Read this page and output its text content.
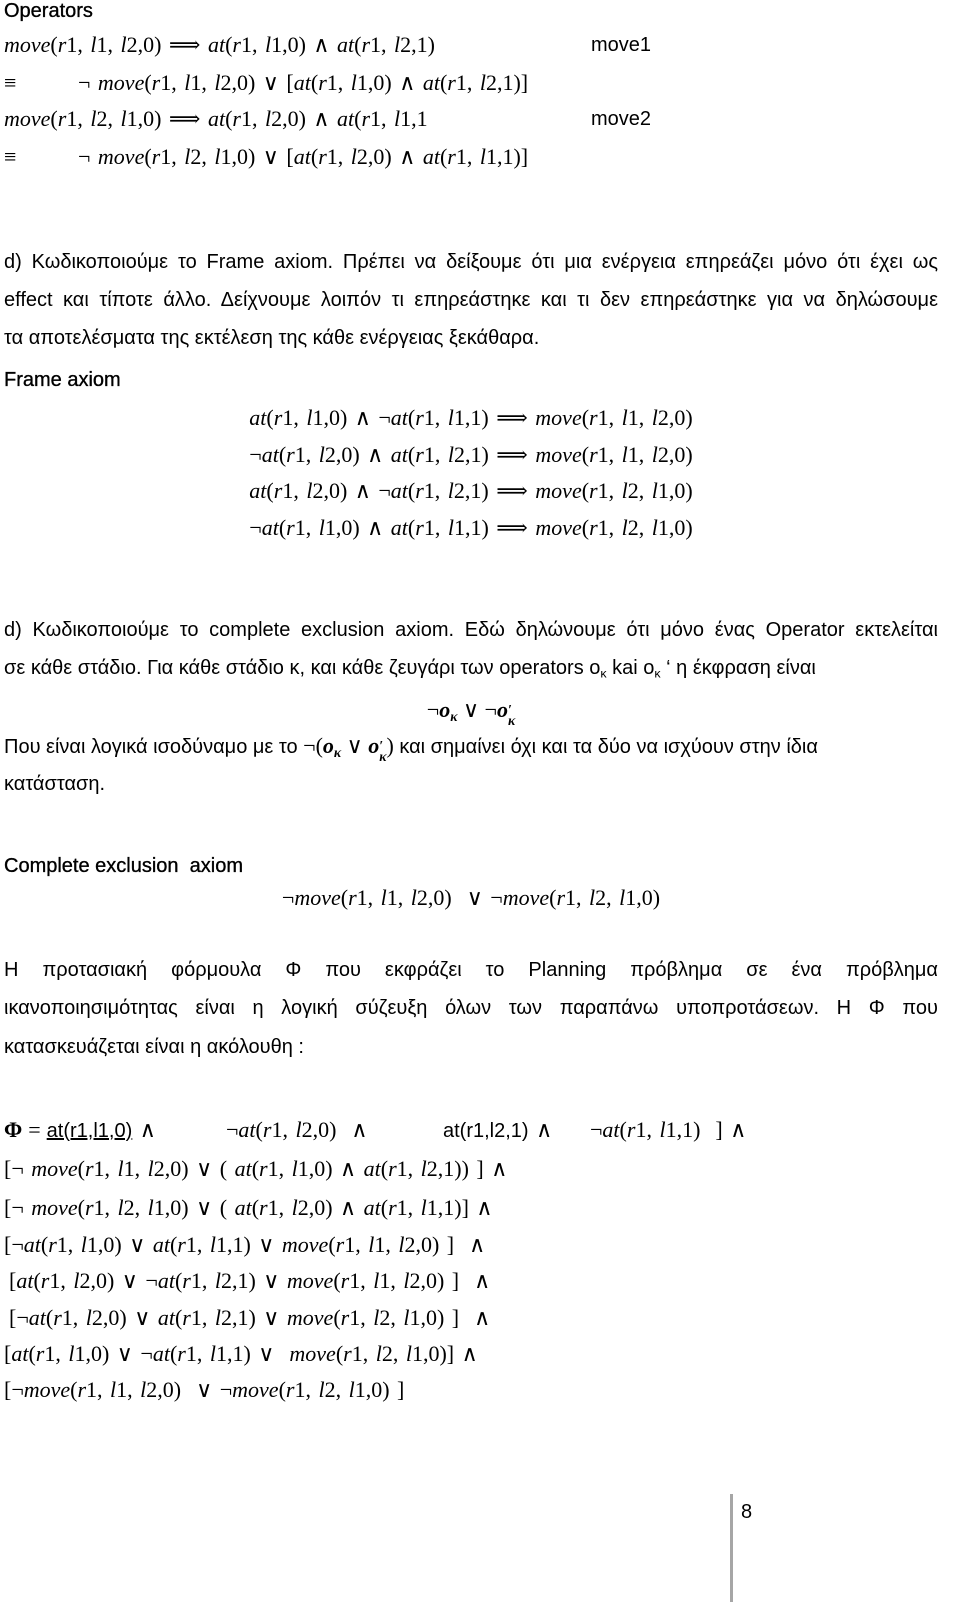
Operators
move(r1, l1, l2,0) ⟹ at(r1, l1,0) ∧ at(r1, l2,1)	move1
≡	¬ move(r1, l1, l2,0) ∨ [at(r1, l1,0) ∧ at(r1, l2,1)]
move(r1, l2, l1,0) ⟹ at(r1, l2,0) ∧ at(r1, l1,1	move2
≡	¬ move(r1, l2, l1,0) ∨ [at(r1, l2,0) ∧ at(r1, l1,1)]
d) Κωδικοποιούμε το Frame axiom. Πρέπει να δείξουμε ότι μια ενέργεια επηρεάζει μόνο ότι έχει ως
effect και τίποτε άλλο. Δείχνουμε λοιπόν τι επηρεάστηκε και τι δεν επηρεάστηκε για να δηλώσουμε
τα αποτελέσματα της εκτέλεση της κάθε ενέργειας ξεκάθαρα.
Frame axiom
at(r1, l1,0) ∧ ¬at(r1, l1,1) ⟹ move(r1, l1, l2,0)
¬at(r1, l2,0) ∧ at(r1, l2,1) ⟹ move(r1, l1, l2,0)
at(r1, l2,0) ∧ ¬at(r1, l2,1) ⟹ move(r1, l2, l1,0)
¬at(r1, l1,0) ∧ at(r1, l1,1) ⟹ move(r1, l2, l1,0)
d) Κωδικοποιούμε το complete exclusion axiom. Εδώ δηλώνουμε ότι μόνο ένας Operator εκτελείται
σε κάθε στάδιο. Για κάθε στάδιο κ, και κάθε ζευγάρι των operators oκ kai oκ ‘ η έκφραση είναι
¬oκ ∨ ¬o ′
κ
Που είναι λογικά ισοδύναμο με το ¬(oκ ∨ o ′
κ ) και σημαίνει όχι και τα δύο να ισχύουν στην ίδια
κατάσταση.
Complete exclusion  axiom
¬move(r1, l1, l2,0)  ∨ ¬move(r1, l2, l1,0)
Η προτασιακή φόρμουλα Φ που εκφράζει το Planning πρόβλημα σε ένα πρόβλημα
ικανοποιησιμότητας είναι η λογική σύζευξη όλων των παραπάνω υποπροτάσεων. Η Φ που
κατασκευάζεται είναι η ακόλουθη :
Φ = at(r1,l1,0) ∧	¬at(r1, l2,0)  ∧	at(r1,l2,1) ∧ ¬at(r1, l1,1)  ] ∧
[¬ move(r1, l1, l2,0) ∨ ( at(r1, l1,0) ∧ at(r1, l2,1)) ] ∧
[¬ move(r1, l2, l1,0) ∨ ( at(r1, l2,0) ∧ at(r1, l1,1)] ∧
[¬at(r1, l1,0) ∨ at(r1, l1,1) ∨ move(r1, l1, l2,0) ]  ∧
[at(r1, l2,0) ∨ ¬at(r1, l2,1) ∨ move(r1, l1, l2,0) ]  ∧
[¬at(r1, l2,0) ∨ at(r1, l2,1) ∨ move(r1, l2, l1,0) ]  ∧
[at(r1, l1,0) ∨ ¬at(r1, l1,1) ∨  move(r1, l2, l1,0)] ∧
[¬move(r1, l1, l2,0)  ∨ ¬move(r1, l2, l1,0) ]
8
